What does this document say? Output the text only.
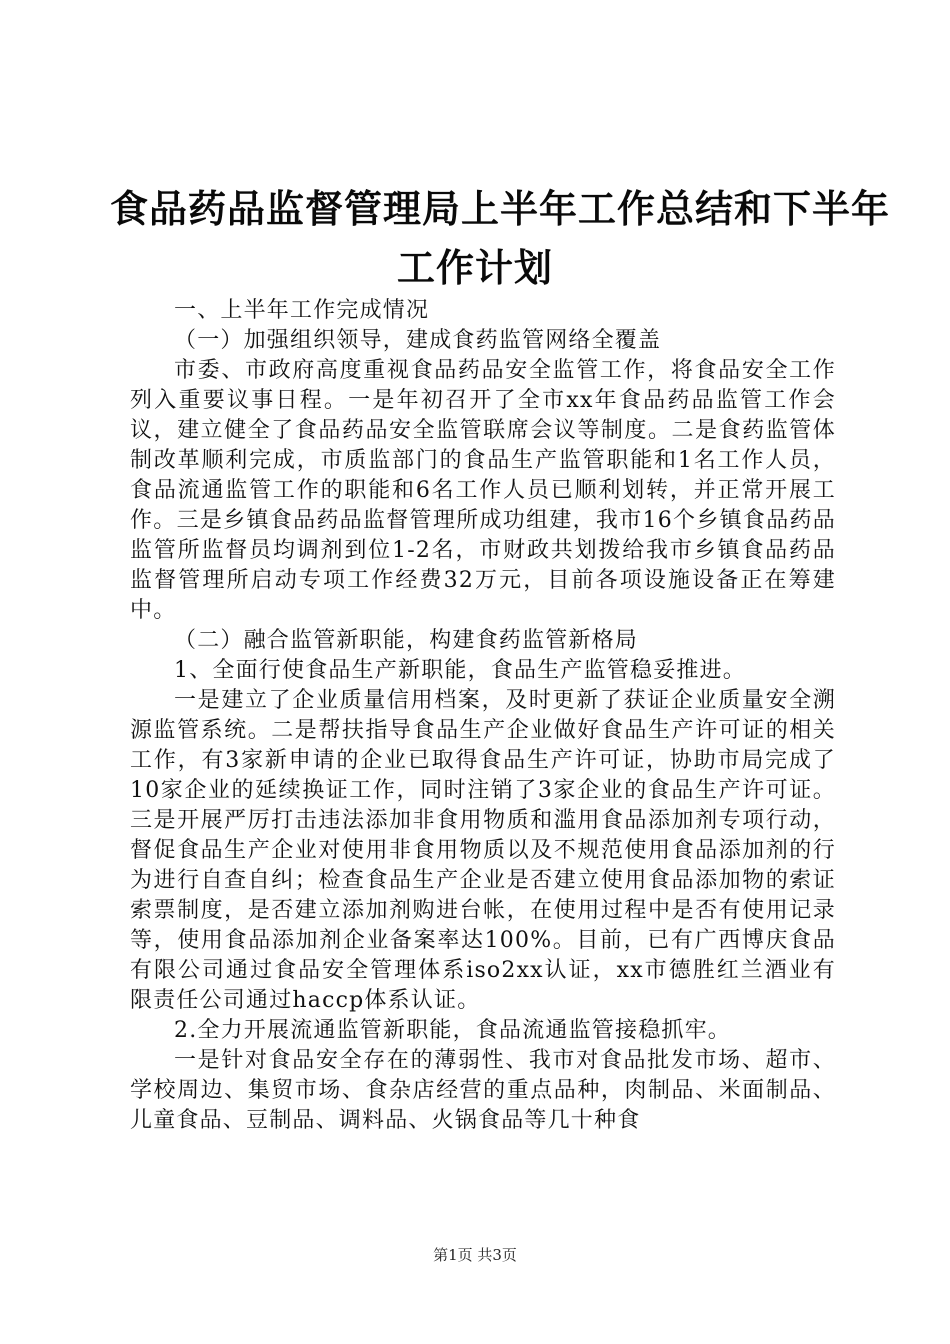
食品药品监督管理局上半年工作总结和下半年
工作计划

一、上半年工作完成情况

（一）加强组织领导，建成食药监管网络全覆盖

市委、市政府高度重视食品药品安全监管工作，将食品安全工作列入重要议事日程。一是年初召开了全市xx年食品药品监管工作会议，建立健全了食品药品安全监管联席会议等制度。二是食药监管体制改革顺利完成，市质监部门的食品生产监管职能和1名工作人员，食品流通监管工作的职能和6名工作人员已顺利划转，并正常开展工作。三是乡镇食品药品监督管理所成功组建，我市16个乡镇食品药品监管所监督员均调剂到位1-2名，市财政共划拨给我市乡镇食品药品监督管理所启动专项工作经费32万元，目前各项设施设备正在筹建中。

（二）融合监管新职能，构建食药监管新格局

1、全面行使食品生产新职能，食品生产监管稳妥推进。

一是建立了企业质量信用档案，及时更新了获证企业质量安全溯源监管系统。二是帮扶指导食品生产企业做好食品生产许可证的相关工作，有3家新申请的企业已取得食品生产许可证，协助市局完成了10家企业的延续换证工作，同时注销了3家企业的食品生产许可证。三是开展严厉打击违法添加非食用物质和滥用食品添加剂专项行动，督促食品生产企业对使用非食用物质以及不规范使用食品添加剂的行为进行自查自纠；检查食品生产企业是否建立使用食品添加物的索证索票制度，是否建立添加剂购进台帐，在使用过程中是否有使用记录等，使用食品添加剂企业备案率达100%。目前，已有广西博庆食品有限公司通过食品安全管理体系iso2xx认证，xx市德胜红兰酒业有限责任公司通过haccp体系认证。

2.全力开展流通监管新职能，食品流通监管接稳抓牢。

一是针对食品安全存在的薄弱性、我市对食品批发市场、超市、学校周边、集贸市场、食杂店经营的重点品种，肉制品、米面制品、儿童食品、豆制品、调料品、火锅食品等几十种食

第1页 共3页
